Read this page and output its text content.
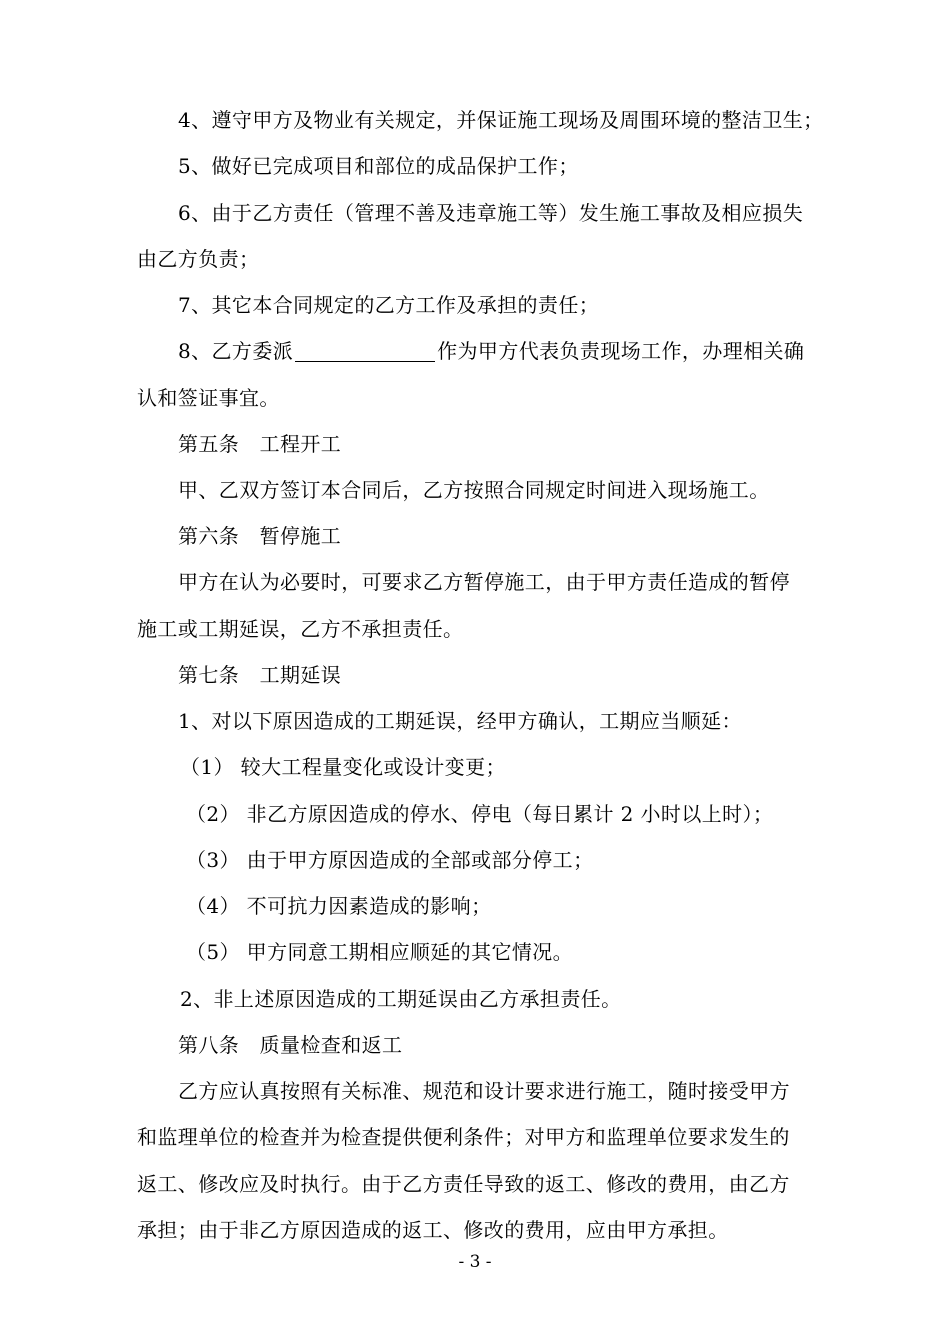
4、遵守甲方及物业有关规定，并保证施工现场及周围环境的整洁卫生；
5、做好已完成项目和部位的成品保护工作；
6、由于乙方责任（管理不善及违章施工等）发生施工事故及相应损失
由乙方负责；
7、其它本合同规定的乙方工作及承担的责任；
8、乙方委派	作为甲方代表负责现场工作，办理相关确
认和签证事宜。
第五条　工程开工
甲、乙双方签订本合同后，乙方按照合同规定时间进入现场施工。
第六条　暂停施工
甲方在认为必要时，可要求乙方暂停施工，由于甲方责任造成的暂停
施工或工期延误，乙方不承担责任。
第七条　工期延误
1、对以下原因造成的工期延误，经甲方确认，工期应当顺延：
（1） 较大工程量变化或设计变更；
（2） 非乙方原因造成的停水、停电（每日累计 2 小时以上时）；
（3） 由于甲方原因造成的全部或部分停工；
（4） 不可抗力因素造成的影响；
（5） 甲方同意工期相应顺延的其它情况。
2、非上述原因造成的工期延误由乙方承担责任。
第八条　质量检查和返工
乙方应认真按照有关标准、规范和设计要求进行施工，随时接受甲方
和监理单位的检查并为检查提供便利条件；对甲方和监理单位要求发生的
返工、修改应及时执行。由于乙方责任导致的返工、修改的费用，由乙方
承担；由于非乙方原因造成的返工、修改的费用，应由甲方承担。
- 3 -
